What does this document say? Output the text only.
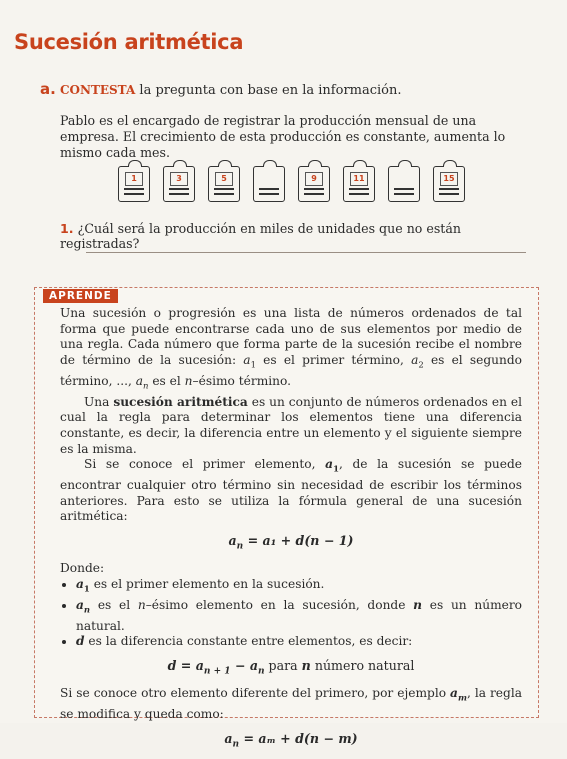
Sucesión aritmética
a. CONTESTA la pregunta con base en la información.
Pablo es el encargado de registrar la producción mensual de una empresa. El crecimiento de esta producción es constante, aumenta lo mismo cada mes.
1	3	5	9	11	15
1. ¿Cuál será la producción en miles de unidades que no están registradas?
APRENDE

Una sucesión o progresión es una lista de números ordenados de tal forma que puede encontrarse cada uno de sus elementos por medio de una regla. Cada número que forma parte de la sucesión recibe el nombre de término de la sucesión: $a_1$ es el primer término, $a_2$ es el segundo término, ..., $a_n$ es el n–ésimo término.

Una sucesión aritmética es un conjunto de números ordenados en el cual la regla para determinar los elementos tiene una diferencia constante, es decir, la diferencia entre un elemento y el siguiente siempre es la misma.

Si se conoce el primer elemento, $a_1$, de la sucesión se puede encontrar cualquier otro término sin necesidad de escribir los términos anteriores. Para esto se utiliza la fórmula general de una sucesión aritmética:

$a_n = a_1 + d(n - 1)$

Donde:

• $a_1$ es el primer elemento en la sucesión.
• $a_n$ es el n–ésimo elemento en la sucesión, donde n es un número natural.
• d es la diferencia constante entre elementos, es decir:
$d = a_{n + 1} - a_n$ para n número natural

Si se conoce otro elemento diferente del primero, por ejemplo $a_m$, la regla se modifica y queda como:

$a_n = a_m + d(n - m)$
